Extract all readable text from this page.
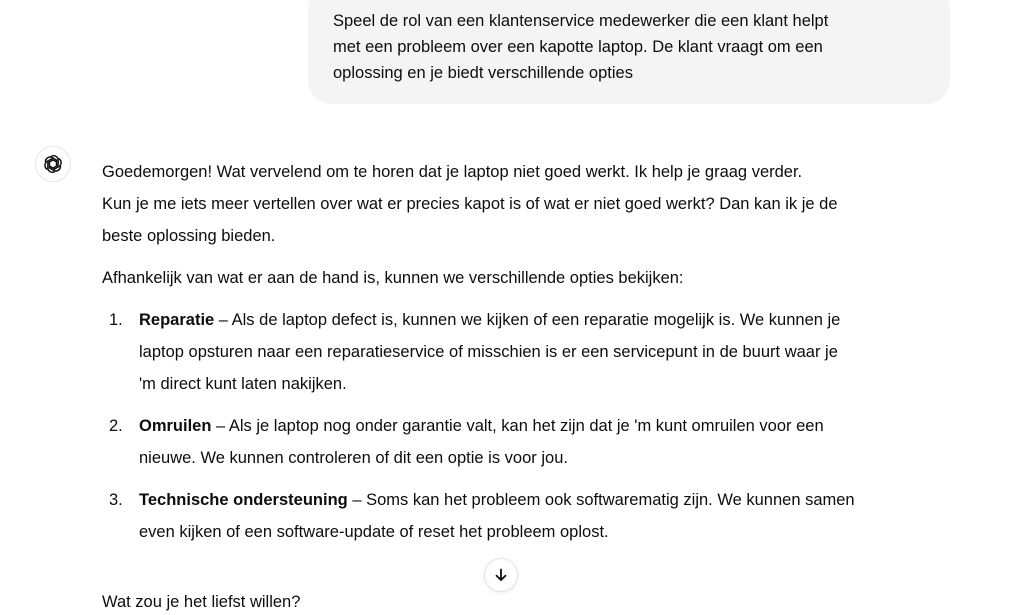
Speel de rol van een klantenservice medewerker die een klant helpt
met een probleem over een kapotte laptop. De klant vraagt om een
oplossing en je biedt verschillende opties

Goedemorgen! Wat vervelend om te horen dat je laptop niet goed werkt. Ik help je graag verder.
Kun je me iets meer vertellen over wat er precies kapot is of wat er niet goed werkt? Dan kan ik je de
beste oplossing bieden.

Afhankelijk van wat er aan de hand is, kunnen we verschillende opties bekijken:

1. Reparatie – Als de laptop defect is, kunnen we kijken of een reparatie mogelijk is. We kunnen je
laptop opsturen naar een reparatieservice of misschien is er een servicepunt in de buurt waar je
'm direct kunt laten nakijken.
2. Omruilen – Als je laptop nog onder garantie valt, kan het zijn dat je 'm kunt omruilen voor een
nieuwe. We kunnen controleren of dit een optie is voor jou.
3. Technische ondersteuning – Soms kan het probleem ook softwarematig zijn. We kunnen samen
even kijken of een software-update of reset het probleem oplost.
Wat zou je het liefst willen?
